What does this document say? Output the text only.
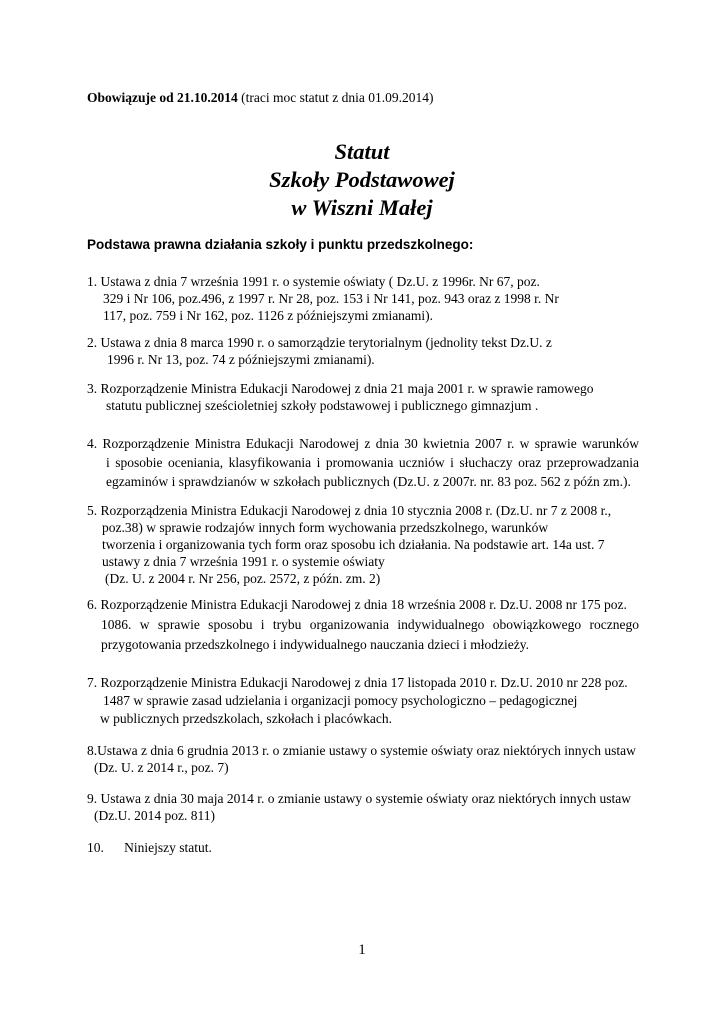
Obowiązuje od 21.10.2014 (traci moc statut z dnia 01.09.2014)
Statut
Szkoły Podstawowej
w Wiszni Małej
Podstawa prawna działania szkoły i punktu przedszkolnego:
1. Ustawa z dnia 7 września 1991 r. o systemie oświaty ( Dz.U. z 1996r. Nr 67, poz.
329 i Nr 106, poz.496, z 1997 r. Nr 28, poz. 153 i Nr 141, poz. 943 oraz z 1998 r. Nr
117, poz. 759 i Nr 162, poz. 1126 z późniejszymi zmianami).
2. Ustawa z dnia 8 marca 1990 r. o samorządzie terytorialnym (jednolity tekst Dz.U. z
1996 r. Nr 13, poz. 74 z późniejszymi zmianami).
3. Rozporządzenie Ministra Edukacji Narodowej z dnia 21 maja 2001 r. w sprawie ramowego
statutu publicznej sześcioletniej szkoły podstawowej i publicznego gimnazjum .
4. Rozporządzenie Ministra Edukacji Narodowej z dnia 30 kwietnia 2007 r. w sprawie warunków
i sposobie oceniania, klasyfikowania i promowania uczniów i słuchaczy oraz przeprowadzania
egzaminów i sprawdzianów w szkołach publicznych (Dz.U. z 2007r. nr. 83 poz. 562 z późn zm.).
5. Rozporządzenia Ministra Edukacji Narodowej z dnia 10 stycznia 2008 r. (Dz.U. nr 7 z 2008 r.,
poz.38) w sprawie rodzajów innych form wychowania przedszkolnego, warunków
tworzenia i organizowania tych form oraz sposobu ich działania. Na podstawie art. 14a ust. 7
ustawy z dnia 7 września 1991 r. o systemie oświaty
(Dz. U. z 2004 r. Nr 256, poz. 2572, z późn. zm. 2)
6. Rozporządzenie Ministra Edukacji Narodowej z dnia 18 września 2008 r. Dz.U. 2008 nr 175 poz.
1086. w sprawie sposobu i trybu organizowania indywidualnego obowiązkowego rocznego
przygotowania przedszkolnego i indywidualnego nauczania dzieci i młodzieży.
7. Rozporządzenie Ministra Edukacji Narodowej z dnia 17 listopada 2010 r. Dz.U. 2010 nr 228 poz.
1487 w sprawie zasad udzielania i organizacji pomocy psychologiczno – pedagogicznej
w publicznych przedszkolach, szkołach i placówkach.
8.Ustawa z dnia 6 grudnia 2013 r. o zmianie ustawy o systemie oświaty oraz niektórych innych ustaw
(Dz. U. z 2014 r., poz. 7)
9. Ustawa z dnia 30 maja 2014 r. o zmianie ustawy o systemie oświaty oraz niektórych innych ustaw
(Dz.U. 2014 poz. 811)
10.      Niniejszy statut.
1
